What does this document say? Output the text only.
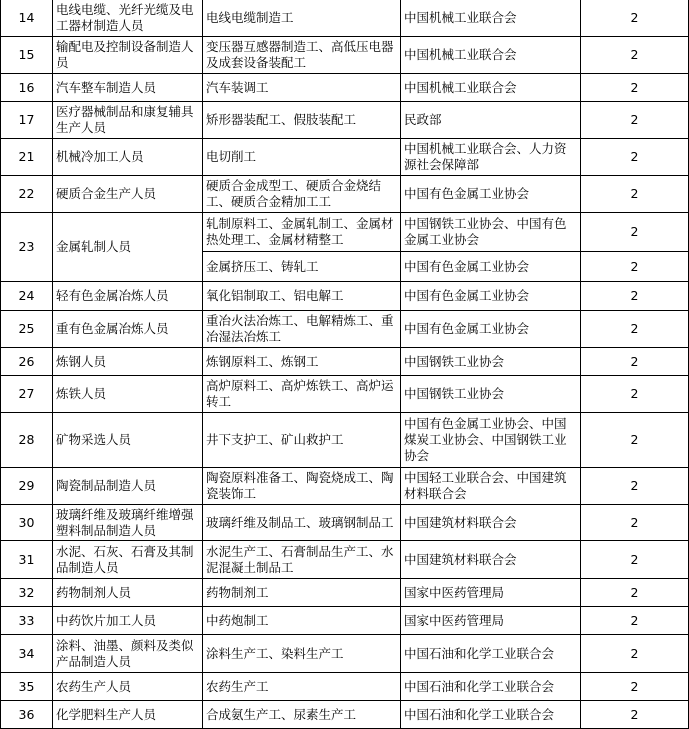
14	电线电缆、光纤光缆及电工器材制造人员	电线电缆制造工	中国机械工业联合会	2
15	输配电及控制设备制造人员	变压器互感器制造工、高低压电器及成套设备装配工	中国机械工业联合会	2
16	汽车整车制造人员	汽车装调工	中国机械工业联合会	2
17	医疗器械制品和康复辅具生产人员	矫形器装配工、假肢装配工	民政部	2
21	机械冷加工人员	电切削工	中国机械工业联合会、人力资源社会保障部	2
22	硬质合金生产人员	硬质合金成型工、硬质合金烧结工、硬质合金精加工工	中国有色金属工业协会	2
23	金属轧制人员	轧制原料工、金属轧制工、金属材热处理工、金属材精整工	中国钢铁工业协会、中国有色金属工业协会	2
		金属挤压工、铸轧工	中国有色金属工业协会	2
24	轻有色金属冶炼人员	氧化铝制取工、铝电解工	中国有色金属工业协会	2
25	重有色金属冶炼人员	重冶火法冶炼工、电解精炼工、重冶湿法冶炼工	中国有色金属工业协会	2
26	炼钢人员	炼钢原料工、炼钢工	中国钢铁工业协会	2
27	炼铁人员	高炉原料工、高炉炼铁工、高炉运转工	中国钢铁工业协会	2
28	矿物采选人员	井下支护工、矿山救护工	中国有色金属工业协会、中国煤炭工业协会、中国钢铁工业协会	2
29	陶瓷制品制造人员	陶瓷原料准备工、陶瓷烧成工、陶瓷装饰工	中国轻工业联合会、中国建筑材料联合会	2
30	玻璃纤维及玻璃纤维增强塑料制品制造人员	玻璃纤维及制品工、玻璃钢制品工	中国建筑材料联合会	2
31	水泥、石灰、石膏及其制品制造人员	水泥生产工、石膏制品生产工、水泥混凝土制品工	中国建筑材料联合会	2
32	药物制剂人员	药物制剂工	国家中医药管理局	2
33	中药饮片加工人员	中药炮制工	国家中医药管理局	2
34	涂料、油墨、颜料及类似产品制造人员	涂料生产工、染料生产工	中国石油和化学工业联合会	2
35	农药生产人员	农药生产工	中国石油和化学工业联合会	2
36	化学肥料生产人员	合成氨生产工、尿素生产工	中国石油和化学工业联合会	2
